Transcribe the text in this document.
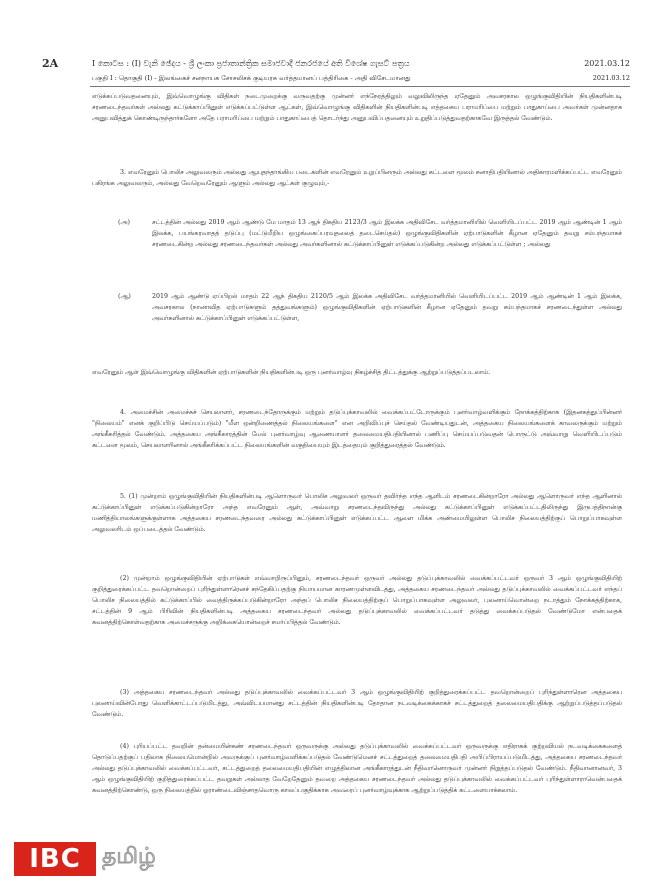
2A	I කොටස : (I) වැනි ඡේදය - ශ්‍රී ලංකා ප්‍රජාතාන්ත්‍රික සමාජවාදී ජනරජයේ අති විශේෂ ගැසට් පත්‍රය	2021.03.12
பகுதி I : தொகுதி (I) - இலங்கைச் சனநாயக சோசலிசக் குடியரசு வர்த்தமானப் பத்திரிகை - அதி விசேடமானது	2021.03.12
எடுக்கப்படுவதனையும், இவ்வொழுங்கு விதிகள் நடைமுறைக்கு வருவதற்கு முன்னர் எந்நேரத்திலும் வலுவிலிருந்த ஏதேனும் அவசரகால ஒழுங்குவிதியின் நியதிகளின்படி சரணடைந்தவர்கள் அல்லது கட்டுக்காப்பினுள் எடுக்கப்பட்டுள்ள ஆட்கள், இவ்வொழுங்கு விதிகளின் நியதிகளின்படி எத்தகைய பராமரிப்பை மற்றும் பாதுகாப்பை அவர்கள் முன்னதாக அனுபவித்துக் கொண்டிருந்தார்களோ அதே பராமரிப்பை மற்றும் பாதுகாப்பைத் தொடர்ந்து அனுபவிப்பதனையும் உறுதிப்படுத்துவதற்காகவே இருத்தல் வேண்டும்.
3. எவரேனும் பொலிச அலுவலரும் அல்லது ஆயுதந்தாங்கிய படைகளின் எவரேனும் உறுப்பினரும் அல்லது கட்டளை மூலம் சனாதிபதியினால் அதிகாரமளிக்கப்பட்ட எவரேனும் பகிரங்க அலுவலரும், அல்லது வேறெவரேனும் ஆளும் அல்லது ஆட்கள் குழுவும்,-
(அ)	சட்டத்தின் அல்லது 2019 ஆம் ஆண்டு மே மாதம் 13 ஆந் திகதிய 2123/3 ஆம் இலக்க அதிவிசேட வர்த்தமானியில் வெளியிடப்பட்ட 2019 ஆம் ஆண்டின் 1 ஆம் இலக்க, பயங்கரவாதத் தடுப்பு (மட்டுமீறிய ஒழுங்கைப்பரவுதலைத் தடைசெய்தல்) ஒழுங்குவிதிகளின் ஏற்பாடுகளின் கீழான ஏதேனும் தவறு சம்பந்தமாகச் சரணடைகின்ற அல்லது சரணடைந்தவர்கள் அல்லது அவர்களினால் கட்டுக்காப்பினுள் எடுக்கப்படுகின்ற அல்லது எடுக்கப்பட்டுள்ள ; அல்லது
(ஆ)	2019 ஆம் ஆண்டு ஏப்பிறல் மாதம் 22 ஆந் திகதிய 2120/5 ஆம் இலக்க அதிவிசேட வர்த்தமானியில் வெளியிடப்பட்ட 2019 ஆம் ஆண்டின் 1 ஆம் இலக்க, அவசரகால (நானாவித ஏற்பாடுகளும் தத்துவங்களும்) ஒழுங்குவிதிகளின் ஏற்பாடுகளின் கீழான ஏதேனும் தவறு சம்பந்தமாகச் சரணடைந்துள்ள அல்லது அவர்களினால் கட்டுக்காப்பினுள் எடுக்கப்பட்டுள்ள,
எவரேனும் ஆள் இவ்வொழுங்கு விதிகளின் ஏற்பாடுகளின் நியதிகளின்படி ஒரு புனர்வாழ்வு நிகழ்ச்சித் திட்டத்துக்கு ஆற்றுப்படுத்தப்படலாம்.
4. அமைச்சின் அமைச்சுச் செயலாளர், சரணடைந்தோருக்கும் மற்றும் தடுப்புக்காவலில் வைக்கப்பட்டோருக்கும் புனர்வாழ்வளிக்கும் நோக்கத்திற்காக (இதனகத்துப்பின்னர் "நிலையம்" எனக் குறிப்பிடு செய்யப்படும்) "மீள ஒன்றிணைத்தல் நிலையங்களை" என அறிவிப்புச் செய்தல் வேண்டியதுடன், அத்தகைய நிலையங்களைக் காவலருக்கும் மற்றும் அங்கீகரித்தல் வேண்டும். அத்தகைய அங்கீகாரத்தின் மேல் புனர்வாழ்வு ஆணையாளர் தலைமையதிபதியினால் பணிப்பு செய்யப்படுவதன் பொருட்டு அவ்வாறு வெளியிடப்படும் கட்டளை மூலம், செயலாளரினால் அங்கீகரிக்கப்பட்ட நிலையங்களின் வகுதியையும் இடத்தையும் குறித்துரைத்தல் வேண்டும்.
5. (1) முன்றாம் ஒழுங்குவிதியின் நியதிகளின்படி ஆளொருவர் பொலிச அலுவலர் ஒருவர் தவிர்ந்த எந்த ஆளிடம் சரணடைகின்றாரோ அல்லது ஆளொருவர் எந்த ஆளினால் கட்டுக்காப்பினுள் எடுக்கப்படுகின்றாரோ அந்த எவரேனும் ஆள், அவ்வாறு சரணடைந்தவிருந்து அல்லது கட்டுக்காப்பினுள் எடுக்கப்பட்டதிலிருந்து இருபத்திநான்கு மணித்தியாலங்களுக்குள்ளாக அத்தகைய சரணடைந்தவரை அல்லது கட்டுக்காப்பினுள் எடுக்கப்பட்ட ஆளை மிக்க அண்மையிலுள்ள பொலிச நிலையத்திற்குப் பொறுப்பாகவுள்ள அலுவலரிடம் ஒப்படைத்தல் வேண்டும்.
(2) முன்றாம் ஒழுங்குவிதியின் ஏற்பாடுகள் எவ்வாறிருப்பினும், சரணடைந்தவர் ஒருவர் அல்லது தடுப்புக்காவலில் வைக்கப்பட்டவர் ஒருவர் 3 ஆம் ஒழுங்குவிதியிற் குறித்துரைக்கப்பட்ட தவறொன்றைப் புரிந்துள்ளாரெனச் சந்தேகிப்பதற்கு நியாயமான காரணமுள்ளவிடத்து, அத்தகைய சரணடைந்தவர் அல்லது தடுப்புக்காவலில் வைக்கப்பட்டவர் எந்தப் பொலிச நிலையத்தில் கட்டுக்காப்பில் வைத்திருக்கப்படுகின்றாரோ அந்தப் பொலிச நிலையத்திற்குப் பொறுப்பாகவுள்ள அலுவலர், புலனாய்வொன்றை நடாத்தும் நோக்கத்திற்காக, சட்டத்தின் 9 ஆம் பிரிவின் நியதிகளின்படி அத்தகைய சரணடைந்தவர் அல்லது தடுப்புக்காவலில் வைக்கப்பட்டவர் தடுத்து வைக்கப்படுதல் வேண்டுமோ என்பதைக் கவனத்திற்கொள்வதற்காக அமைச்சருக்கு அறிக்கையொன்றைச் சமர்ப்பித்தல் வேண்டும்.
(3) அத்தகைய சரணடைந்தவர் அல்லது தடுப்புக்காவலில் வைக்கப்பட்டவர் 3 ஆம் ஒழுங்குவிதியிற் குறித்துரைக்கப்பட்ட தவறொன்றைப் புரிந்துள்ளாரென அத்தகைய புலனாய்வின்போது வெளிக்காட்டப்படுமிடத்து, அவ்விடயமானது சட்டத்தின் நியதிகளின்படி தோதான நடவடிக்கைக்காகச் சட்டத்துறைத் தலைமையதிபதிக்கு ஆற்றுப்படுத்தப்படுதல் வேண்டும்.
(4) புரியப்பட்ட தவறின் தன்மையின்கண் சரணடைந்தவர் ஒருவருக்கு அல்லது தடுப்புக்காவலில் வைக்கப்பட்டவர் ஒருவருக்கு எதிராகக் குற்றவியல் நடவடிக்கைகளைத் தொடுப்பதற்குப் பதிலாக நிலையமொன்றில் அவருக்குப் புனர்வாழ்வளிக்கப்படுதல் வேண்டுமெனச் சட்டத்துறைத் தலைமையதிபதி அபிப்பிராயப்படுமிடத்து, அத்தகைய சரணடைந்தவர் அல்லது தடுப்புக்காவலில் வைக்கப்பட்டவர், சட்டத்துறைத் தலைமையதிபதியின் எழுத்திலான அங்கீகாரத்துடன் நீதிவானொருவர் முன்னர் நிறுத்தப்படுதல் வேண்டும். நீதிவானானவர், 3 ஆம் ஒழுங்குவிதியிற் குறித்துரைக்கப்பட்ட தவறுகள் அல்லாத வேறேதேனும் தவறை அத்தகைய சரணடைந்தவர் அல்லது தடுப்புக்காவலில் வைக்கப்பட்டவர் புரிந்துள்ளாராவென்பதைக் கவனத்திற்கொண்டு, ஒரு நிலையத்தில் ஓராண்டைவிஞ்சாதவொரு காலப்பகுதிக்காக அவரைப் புனர்வாழ்வுக்காக ஆற்றுப்படுத்திக் கட்டளையாக்கலாம்.
IBC தமிழ்
